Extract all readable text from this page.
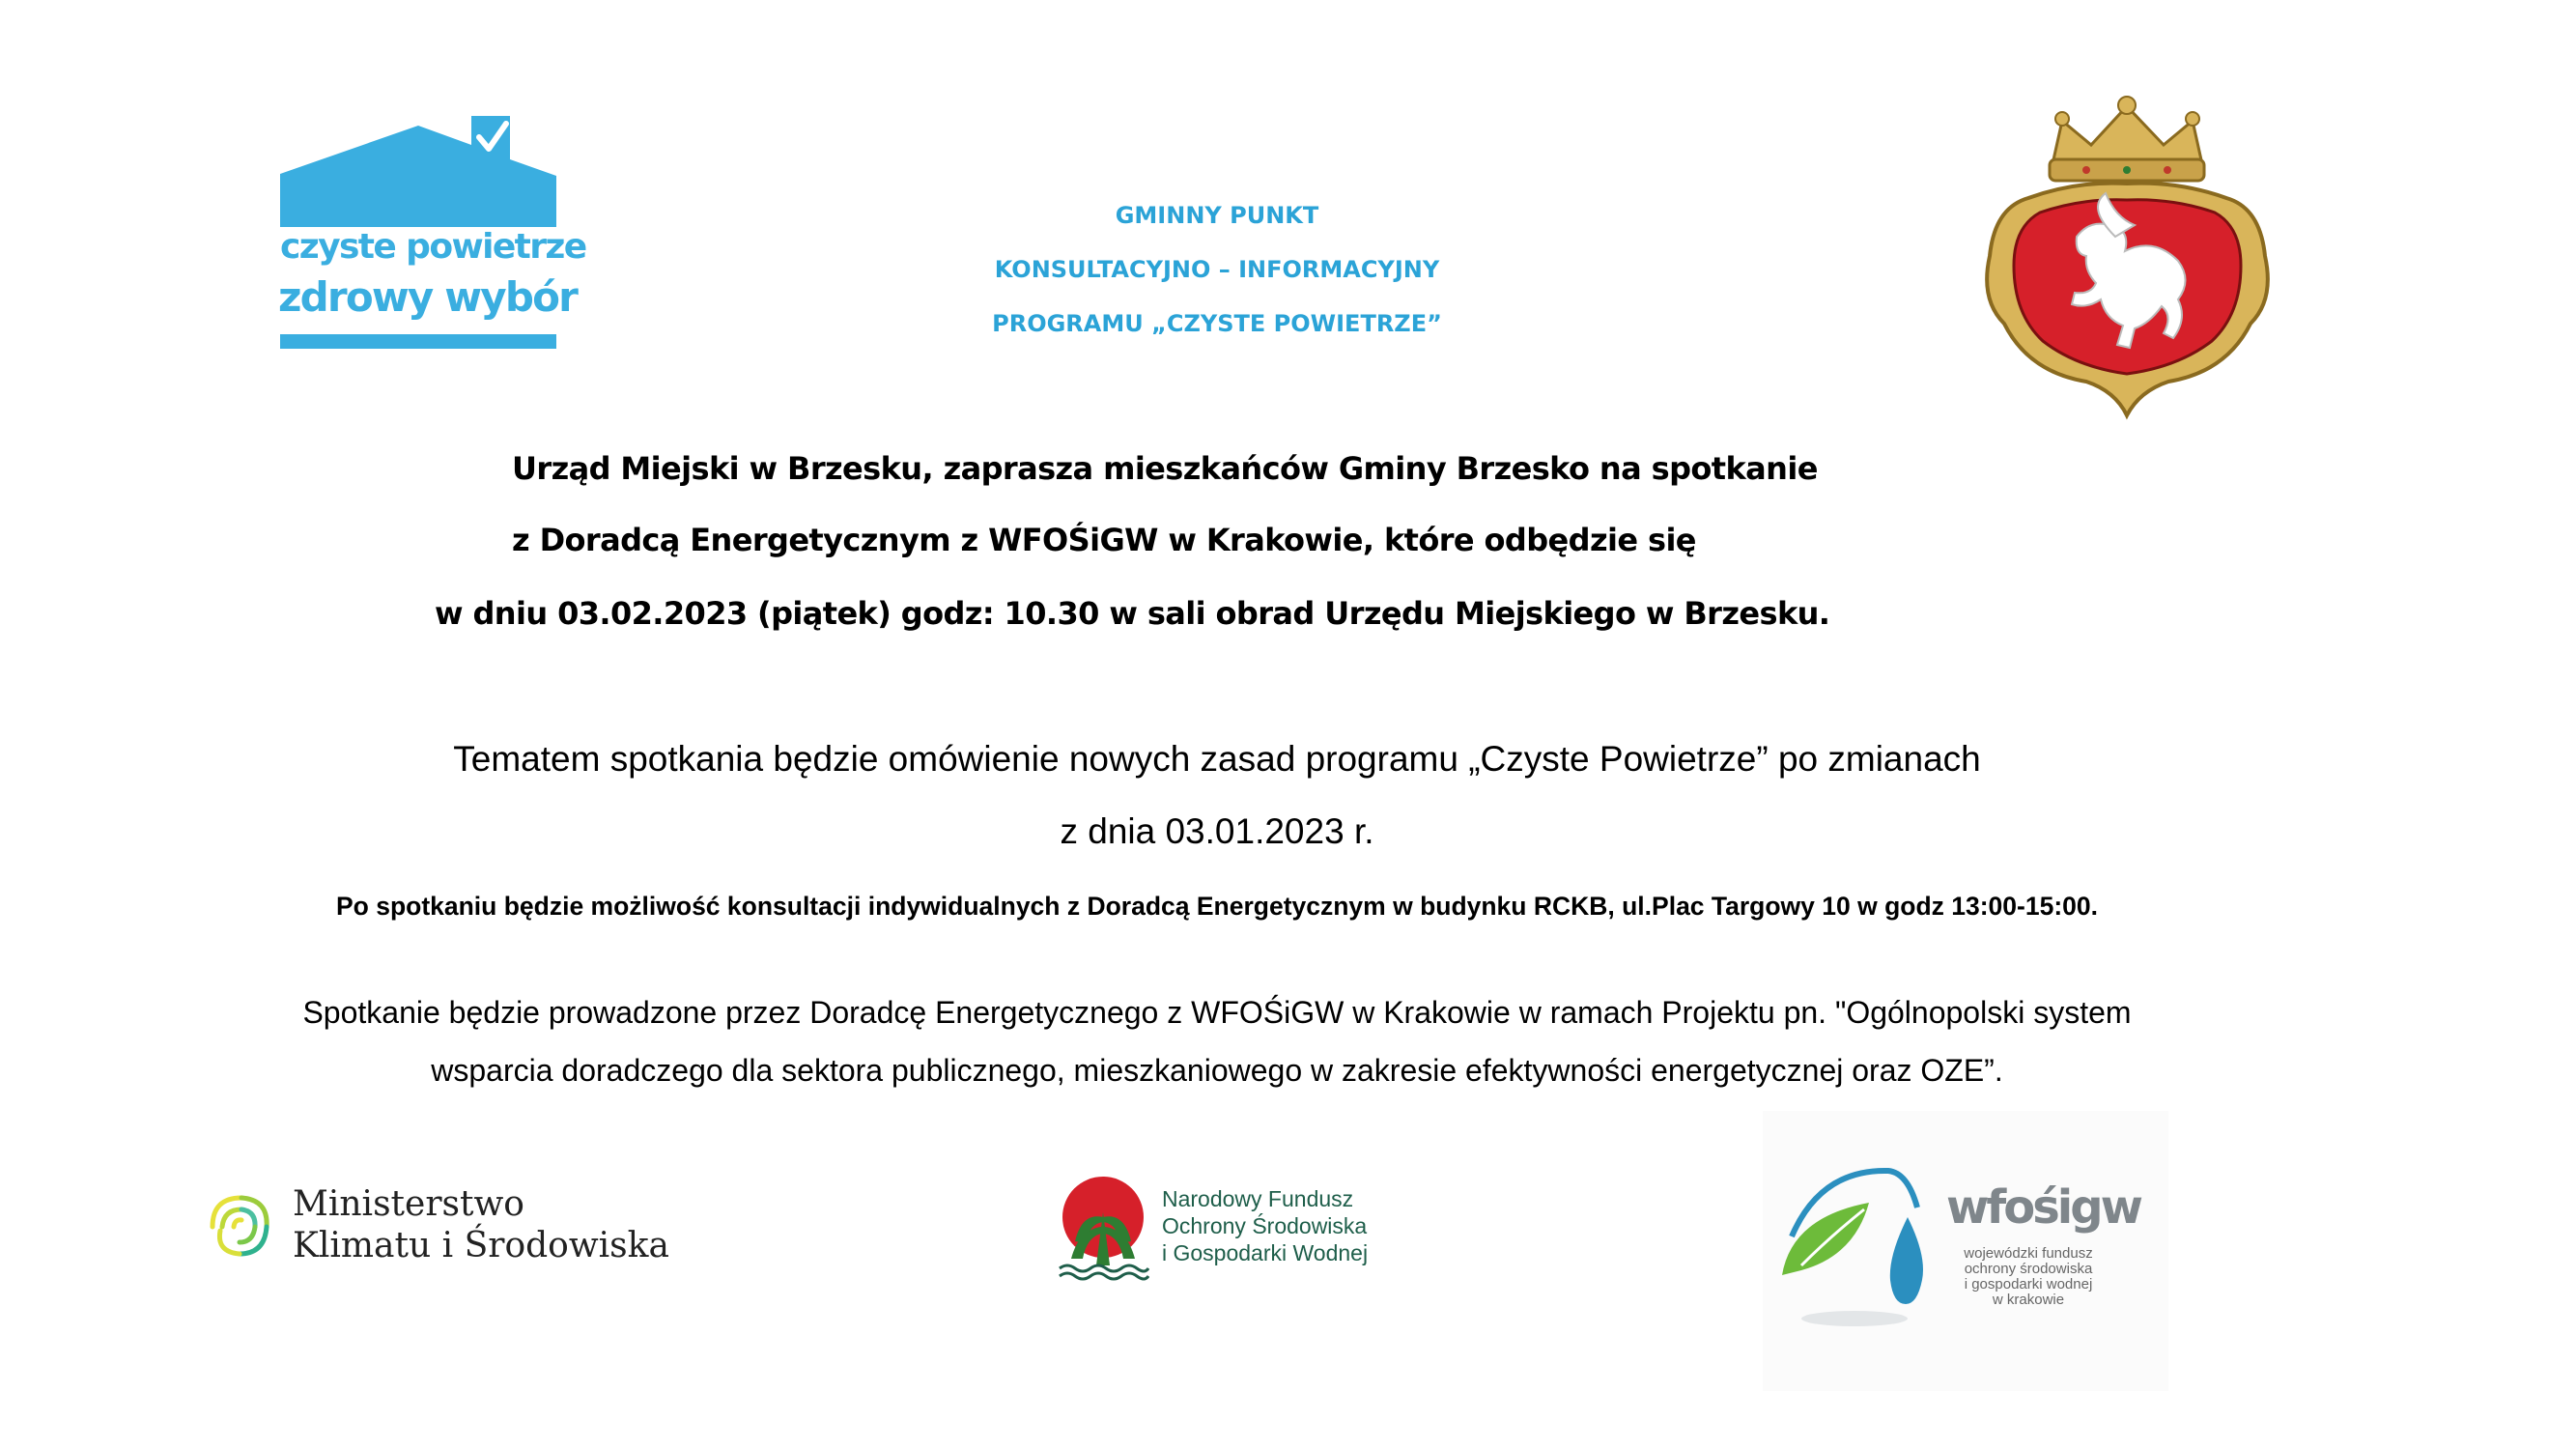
czyste powietrze
zdrowy wybór
GMINNY PUNKT
KONSULTACYJNO – INFORMACYJNY
PROGRAMU „CZYSTE POWIETRZE”
Urząd Miejski w Brzesku, zaprasza mieszkańców Gminy Brzesko na spotkanie
z Doradcą Energetycznym z WFOŚiGW w Krakowie, które odbędzie się
w dniu 03.02.2023 (piątek) godz: 10.30 w sali obrad Urzędu Miejskiego w Brzesku.
Tematem spotkania będzie omówienie nowych zasad programu „Czyste Powietrze” po zmianach
z dnia 03.01.2023 r.
Po spotkaniu będzie możliwość konsultacji indywidualnych z Doradcą Energetycznym w budynku RCKB, ul.Plac Targowy 10 w godz 13:00-15:00.
Spotkanie będzie prowadzone przez Doradcę Energetycznego z WFOŚiGW w Krakowie w ramach Projektu pn. "Ogólnopolski system
wsparcia doradczego dla sektora publicznego, mieszkaniowego w zakresie efektywności energetycznej oraz OZE”.
Ministerstwo
Klimatu i Środowiska
Narodowy Fundusz
Ochrony Środowiska
i Gospodarki Wodnej
wfośigw
wojewódzki fundusz
ochrony środowiska
i gospodarki wodnej
w krakowie
